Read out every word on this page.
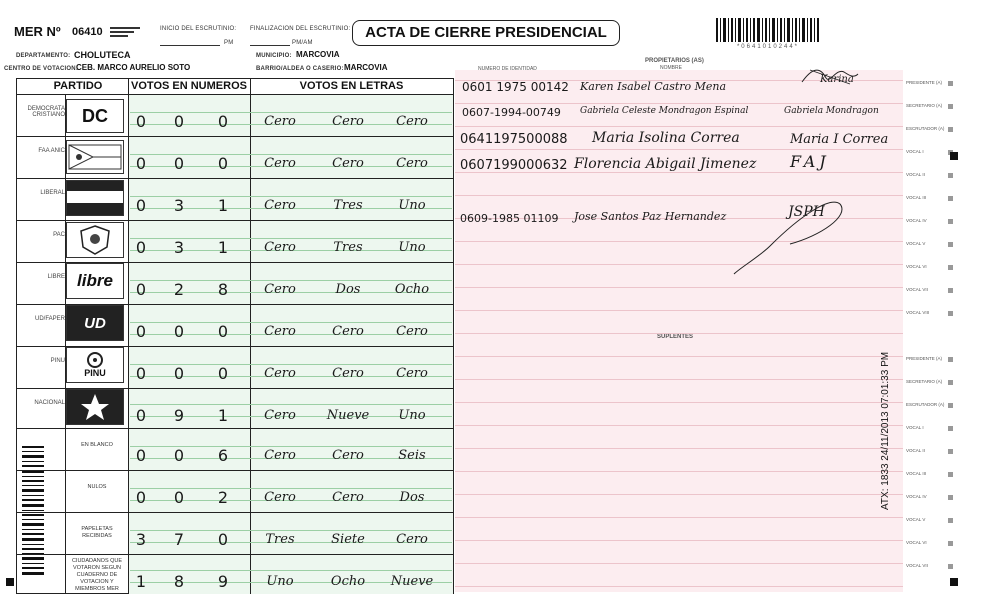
MER Nº 06410	INICIO DEL ESCRUTINIO:
PM
FINALIZACION DEL ESCRUTINIO:
PM/AM
ACTA DE CIERRE PRESIDENCIAL
*0641010244*
DEPARTAMENTO: CHOLUTECA	MUNICIPIO: MARCOVIA
CENTRO DE VOTACION:
CEB. MARCO AURELIO SOTO	BARRIO/ALDEA O CASERIO: MARCOVIA	NUMERO DE IDENTIDAD
PROPIETARIOS (AS)
NOMBRE
SUPLENTES
PRESIDENTE (A)
SECRETARIO (A)
ESCRUTADOR (A)
VOCAL I
VOCAL II
VOCAL III
VOCAL IV
VOCAL V
VOCAL VI
VOCAL VII
VOCAL VIII
PRESIDENTE (A)
SECRETARIO (A)
ESCRUTADOR (A)
VOCAL I
VOCAL II
VOCAL III
VOCAL IV
VOCAL V
VOCAL VI
VOCAL VII
0601 1975 00142 Karen Isabel Castro Mena
Karina
0607-1994-00749 Gabriela Celeste Mondragon Espinal	Gabriela Mondragon
0641197500088 Maria Isolina Correa	Maria I Correa
0607199000632 Florencia Abigail Jimenez FAJ
0609-1985 01109 Jose Santos Paz Hernandez	JSPH
ATX: 1833 24/11/2013 07:01:33 PM
PARTIDO	VOTOS EN NUMEROS	VOTOS EN LETRAS
DC
libre
UD
PINU
DEMOCRATA CRISTIANO	0	0	0	Cero	Cero	Cero
FAA ANIC
0	0	0	Cero	Cero	Cero
LIBERAL
0	3	1	Cero	Tres	Uno
PAC
0	3	1	Cero	Tres	Uno
LIBRE
0	2	8	Cero	Dos	Ocho
UD/FAPER
0	0	0	Cero	Cero	Cero
PINU
0	0	0	Cero	Cero	Cero
NACIONAL
0	9	1	Cero	Nueve	Uno
EN BLANCO
0	0	6	Cero	Cero	Seis
NULOS
0	0	2	Cero	Cero	Dos
PAPELETAS RECIBIDAS	3	7	0	Tres	Siete	Cero
CIUDADANOS QUE VOTARON SEGUN CUADERNO DE VOTACION Y MIEMBROS MER	1	8	9	Uno	Ocho	Nueve
